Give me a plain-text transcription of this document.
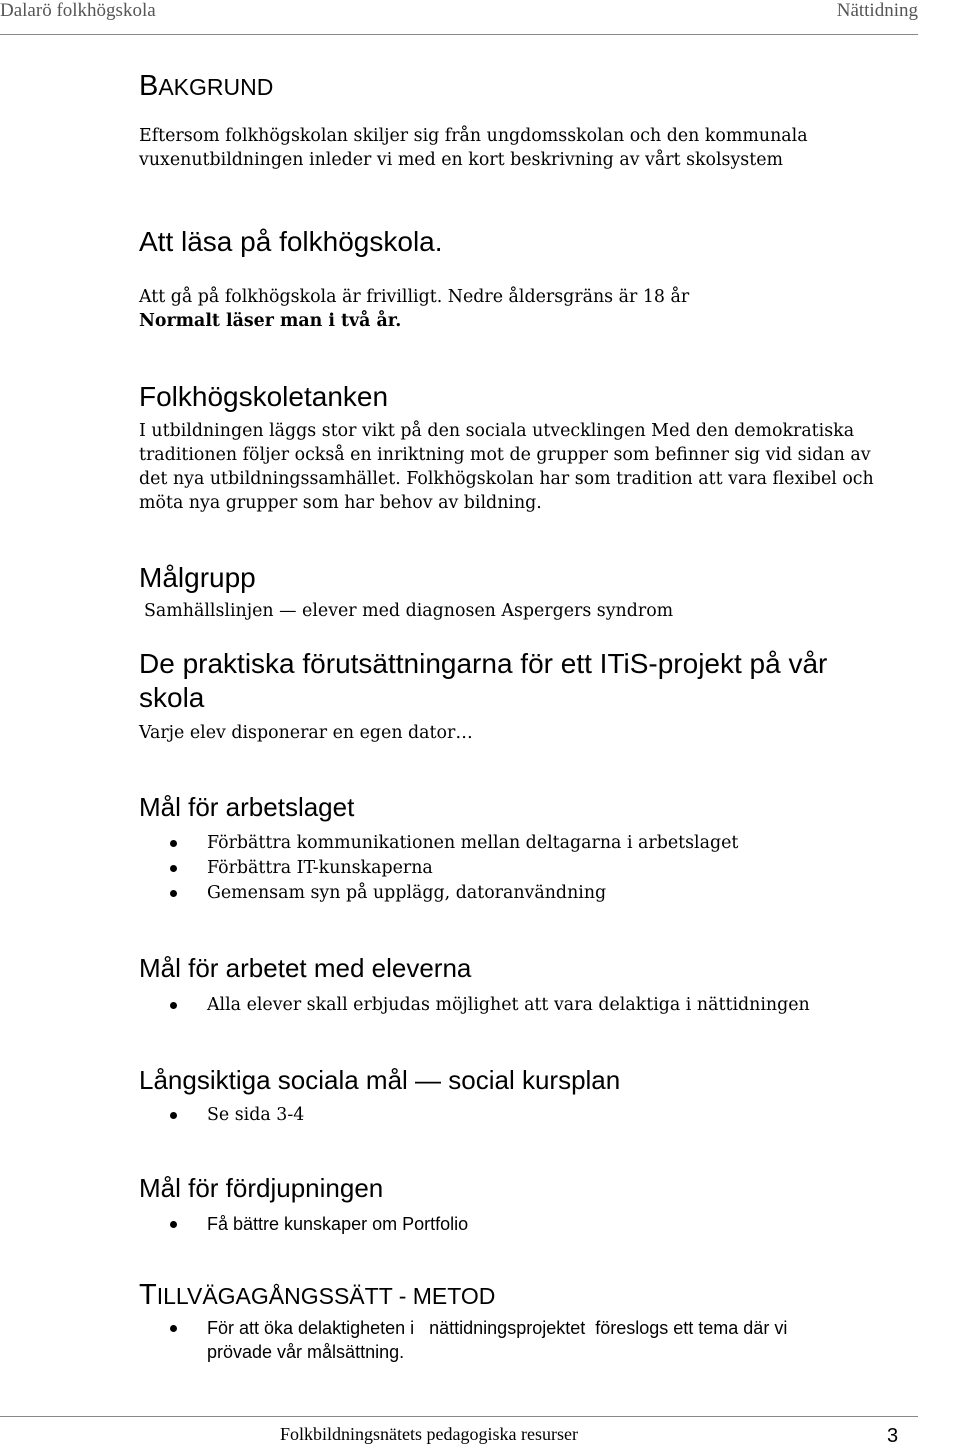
Dalarö folkhögskola	Nättidning
BAKGRUND
Eftersom folkhögskolan skiljer sig från ungdomsskolan och den kommunala
vuxenutbildningen inleder vi med en kort beskrivning av vårt skolsystem
Att läsa på folkhögskola.
Att gå på folkhögskola är frivilligt. Nedre åldersgräns är 18 år
Normalt läser man i två år.
Folkhögskoletanken
I utbildningen läggs stor vikt på den sociala utvecklingen Med den demokratiska
traditionen följer också en inriktning mot de grupper som befinner sig vid sidan av
det nya utbildningssamhället. Folkhögskolan har som tradition att vara flexibel och
möta nya grupper som har behov av bildning.
Målgrupp
Samhällslinjen — elever med diagnosen Aspergers syndrom
De praktiska förutsättningarna för ett ITiS-projekt på vår
skola
Varje elev disponerar en egen dator…
Mål för arbetslaget
Förbättra kommunikationen mellan deltagarna i arbetslaget
Förbättra IT-kunskaperna
Gemensam syn på upplägg, datoranvändning
Mål för arbetet med eleverna
Alla elever skall erbjudas möjlighet att vara delaktiga i nättidningen
Långsiktiga sociala mål — social kursplan
Se sida 3-4
Mål för fördjupningen
Få bättre kunskaper om Portfolio
TILLVÄGAGÅNGSSÄTT - METOD
För att öka delaktigheten i   nättidningsprojektet  föreslogs ett tema där vi
prövade vår målsättning.
Folkbildningsnätets pedagogiska resurser	3
